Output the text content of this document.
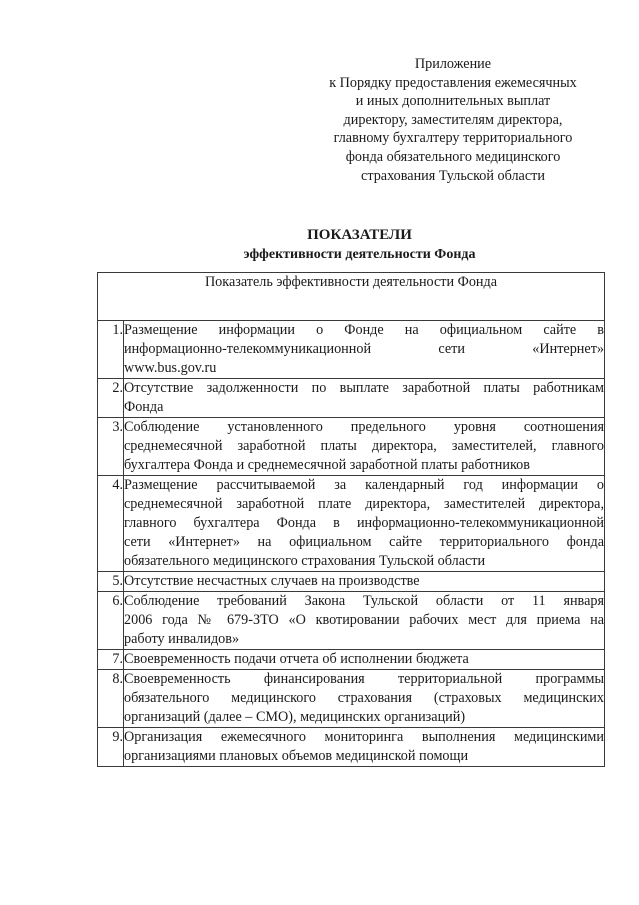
Приложение
к Порядку предоставления ежемесячных
и иных дополнительных выплат
директору, заместителям директора,
главному бухгалтеру территориального
фонда обязательного медицинского
страхования Тульской области
ПОКАЗАТЕЛИ
эффективности деятельности Фонда
Показатель эффективности деятельности Фонда	
1.	Размещение информации о Фонде на официальном сайте в
информационно-телекоммуникационной сети «Интернет»
www.bus.gov.ru

2.	Отсутствие задолженности по выплате заработной платы работникам
Фонда

3.	Соблюдение установленного предельного уровня соотношения
среднемесячной заработной платы директора, заместителей, главного
бухгалтера Фонда и среднемесячной заработной платы работников

4.	Размещение рассчитываемой за календарный год информации о
среднемесячной заработной плате директора, заместителей директора,
главного бухгалтера Фонда в информационно-телекоммуникационной
сети «Интернет» на официальном сайте территориального фонда
обязательного медицинского страхования Тульской области

5.	Отсутствие несчастных случаев на производстве

6.	Соблюдение требований Закона Тульской области от 11 января
2006 года № 679-ЗТО «О квотировании рабочих мест для приема на
работу инвалидов»

7.	Своевременность подачи отчета об исполнении бюджета

8.	Своевременность финансирования территориальной программы
обязательного медицинского страхования (страховых медицинских
организаций (далее – СМО), медицинских организаций)

9.	Организация ежемесячного мониторинга выполнения медицинскими
организациями плановых объемов медицинской помощи
